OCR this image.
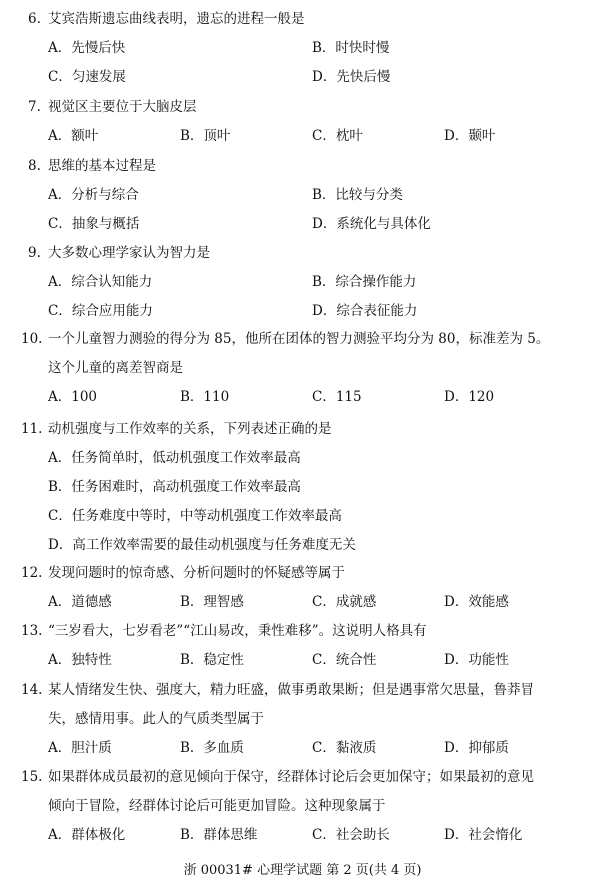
6. 艾宾浩斯遗忘曲线表明，遗忘的进程一般是
A．先慢后快	B．时快时慢
C．匀速发展	D．先快后慢
7. 视觉区主要位于大脑皮层
A．额叶	B．顶叶	C．枕叶	D．颞叶
8. 思维的基本过程是
A．分析与综合	B．比较与分类
C．抽象与概括	D．系统化与具体化
9. 大多数心理学家认为智力是
A．综合认知能力	B．综合操作能力
C．综合应用能力	D．综合表征能力
10. 一个儿童智力测验的得分为 85，他所在团体的智力测验平均分为 80，标准差为 5。
这个儿童的离差智商是
A．100	B．110	C．115	D．120
11. 动机强度与工作效率的关系，下列表述正确的是
A．任务简单时，低动机强度工作效率最高
B．任务困难时，高动机强度工作效率最高
C．任务难度中等时，中等动机强度工作效率最高
D．高工作效率需要的最佳动机强度与任务难度无关
12. 发现问题时的惊奇感、分析问题时的怀疑感等属于
A．道德感	B．理智感	C．成就感	D．效能感
13. “三岁看大，七岁看老”“江山易改，秉性难移”。这说明人格具有
A．独特性	B．稳定性	C．统合性	D．功能性
14. 某人情绪发生快、强度大，精力旺盛，做事勇敢果断；但是遇事常欠思量，鲁莽冒
失，感情用事。此人的气质类型属于
A．胆汁质	B．多血质	C．黏液质	D．抑郁质
15. 如果群体成员最初的意见倾向于保守，经群体讨论后会更加保守；如果最初的意见
倾向于冒险，经群体讨论后可能更加冒险。这种现象属于
A．群体极化	B．群体思维	C．社会助长	D．社会惰化
浙 00031# 心理学试题 第 2 页(共 4 页)
